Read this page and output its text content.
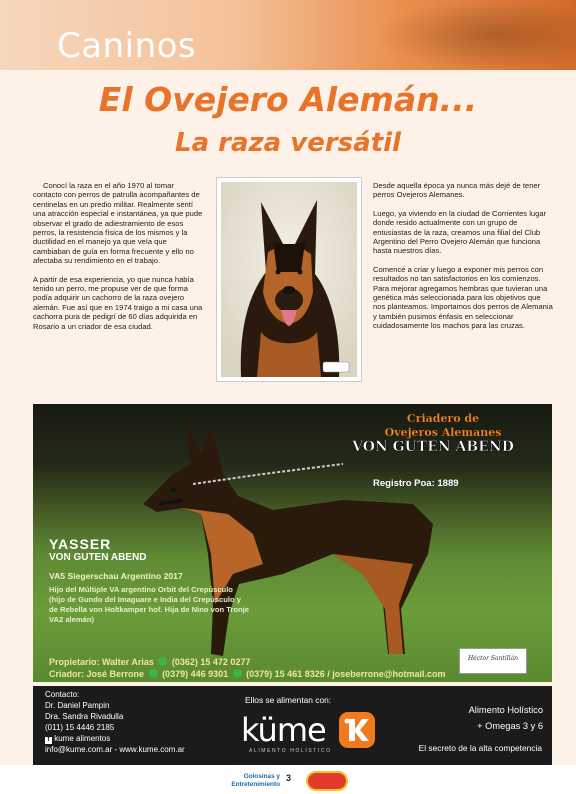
Caninos
El Ovejero Alemán...
La raza versátil

Conocí la raza en el año 1970 al tomar contacto con perros de patrulla acompañantes de centinelas en un predio militar. Realmente sentí una atracción especial e instantánea, ya que pude observar el grado de adiestramiento de esos perros, la resistencia física de los mismos y la ductilidad en el manejo ya que veía que cambiaban de guía en forma frecuente y ello no afectaba su rendimiento en el trabajo.

A partir de esa experiencia, yo que nunca había tenido un perro, me propuse ver de que forma podía adquirir un cachorro de la raza ovejero alemán. Fue así que en 1974 traigo a mi casa una cachorra pura de pedigrí de 60 días adquirida en Rosario a un criador de esa ciudad.

Desde aquella época ya nunca más dejé de tener perros Ovejeros Alemanes.

Luego, ya viviendo en la ciudad de Corrientes lugar donde resido actualmente con un grupo de entusiastas de la raza, creamos una filial del Club Argentino del Perro Ovejero Alemán que funciona hasta nuestros días.

Comencé a criar y luego a exponer mis perros con resultados no tan satisfactorios en los comienzos.

Para mejorar agregamos hembras que tuvieran una genética más seleccionada para los objetivos que nos planteamos. Importamos dos perros de Alemania y también pusimos énfasis en seleccionar cuidadosamente los machos para las cruzas.

Criadero de
Ovejeros Alemanes
VON GUTEN ABEND
Registro Poa: 1889
YASSER
VON GUTEN ABEND
VA5 Siegerschau Argentino 2017
Hijo del Múltiple VA argentino Orbit del Crepúsculo (hijo de Gundo del Imaguare e India del Crepúsculo y de Rebella von Holtkamper hof. Hija de Nino von Tronje VA2 alemán)
Propietario: Walter Arias (0362) 15 472 0277
Criador: José Berrone (0379) 446 9301 (0379) 15 461 8326 / joseberrone@hotmail.com
Héctor Santillán
Contacto:
Dr. Daniel Pampin
Dra. Sandra Rivadulla
(011) 15 4446 2185
f kume alimentos
info@kume.com.ar - www.kume.com.ar
Ellos se alimentan con:
küme
ALIMENTO HOLÍSTICO
Alimento Holístico
+ Omegas 3 y 6
El secreto de la alta competencia
Golosinas y
Entretenimiento
3
